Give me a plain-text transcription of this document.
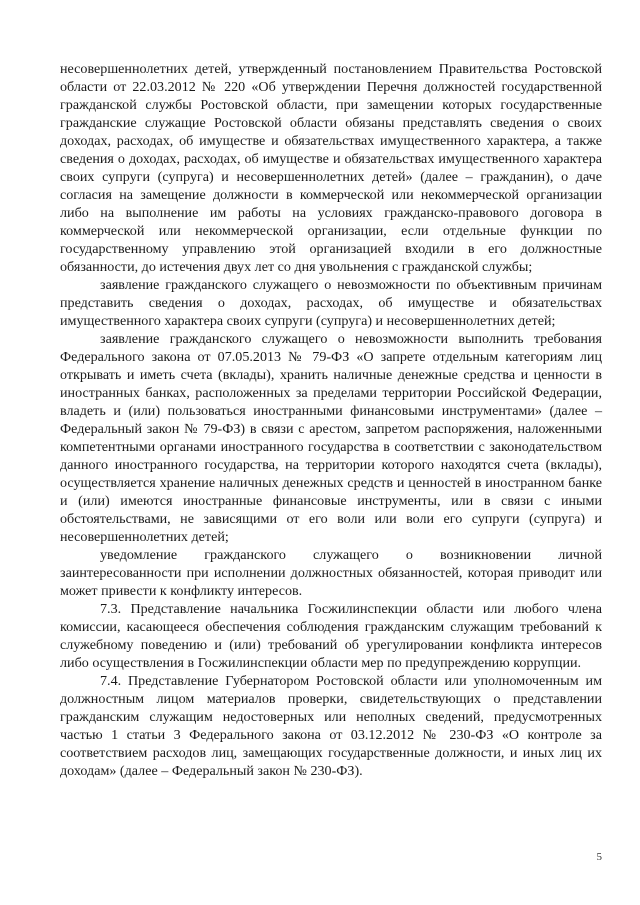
несовершеннолетних детей, утвержденный постановлением Правительства Ростовской области от 22.03.2012 № 220 «Об утверждении Перечня должностей государственной гражданской службы Ростовской области, при замещении которых государственные гражданские служащие Ростовской области обязаны представлять сведения о своих доходах, расходах, об имуществе и обязательствах имущественного характера, а также сведения о доходах, расходах, об имуществе и обязательствах имущественного характера своих супруги (супруга) и несовершеннолетних детей» (далее – гражданин), о даче согласия на замещение должности в коммерческой или некоммерческой организации либо на выполнение им работы на условиях гражданско-правового договора в коммерческой или некоммерческой организации, если отдельные функции по государственному управлению этой организацией входили в его должностные обязанности, до истечения двух лет со дня увольнения с гражданской службы;

заявление гражданского служащего о невозможности по объективным причинам представить сведения о доходах, расходах, об имуществе и обязательствах имущественного характера своих супруги (супруга) и несовершеннолетних детей;

заявление гражданского служащего о невозможности выполнить требования Федерального закона от 07.05.2013 № 79-ФЗ «О запрете отдельным категориям лиц открывать и иметь счета (вклады), хранить наличные денежные средства и ценности в иностранных банках, расположенных за пределами территории Российской Федерации, владеть и (или) пользоваться иностранными финансовыми инструментами» (далее – Федеральный закон № 79-ФЗ) в связи с арестом, запретом распоряжения, наложенными компетентными органами иностранного государства в соответствии с законодательством данного иностранного государства, на территории которого находятся счета (вклады), осуществляется хранение наличных денежных средств и ценностей в иностранном банке и (или) имеются иностранные финансовые инструменты, или в связи с иными обстоятельствами, не зависящими от его воли или воли его супруги (супруга) и несовершеннолетних детей;

уведомление гражданского служащего о возникновении личной заинтересованности при исполнении должностных обязанностей, которая приводит или может привести к конфликту интересов.

7.3. Представление начальника Госжилинспекции области или любого члена комиссии, касающееся обеспечения соблюдения гражданским служащим требований к служебному поведению и (или) требований об урегулировании конфликта интересов либо осуществления в Госжилинспекции области мер по предупреждению коррупции.

7.4. Представление Губернатором Ростовской области или уполномоченным им должностным лицом материалов проверки, свидетельствующих о представлении гражданским служащим недостоверных или неполных сведений, предусмотренных частью 1 статьи 3 Федерального закона от 03.12.2012 № 230-ФЗ «О контроле за соответствием расходов лиц, замещающих государственные должности, и иных лиц их доходам» (далее – Федеральный закон № 230-ФЗ).

5
